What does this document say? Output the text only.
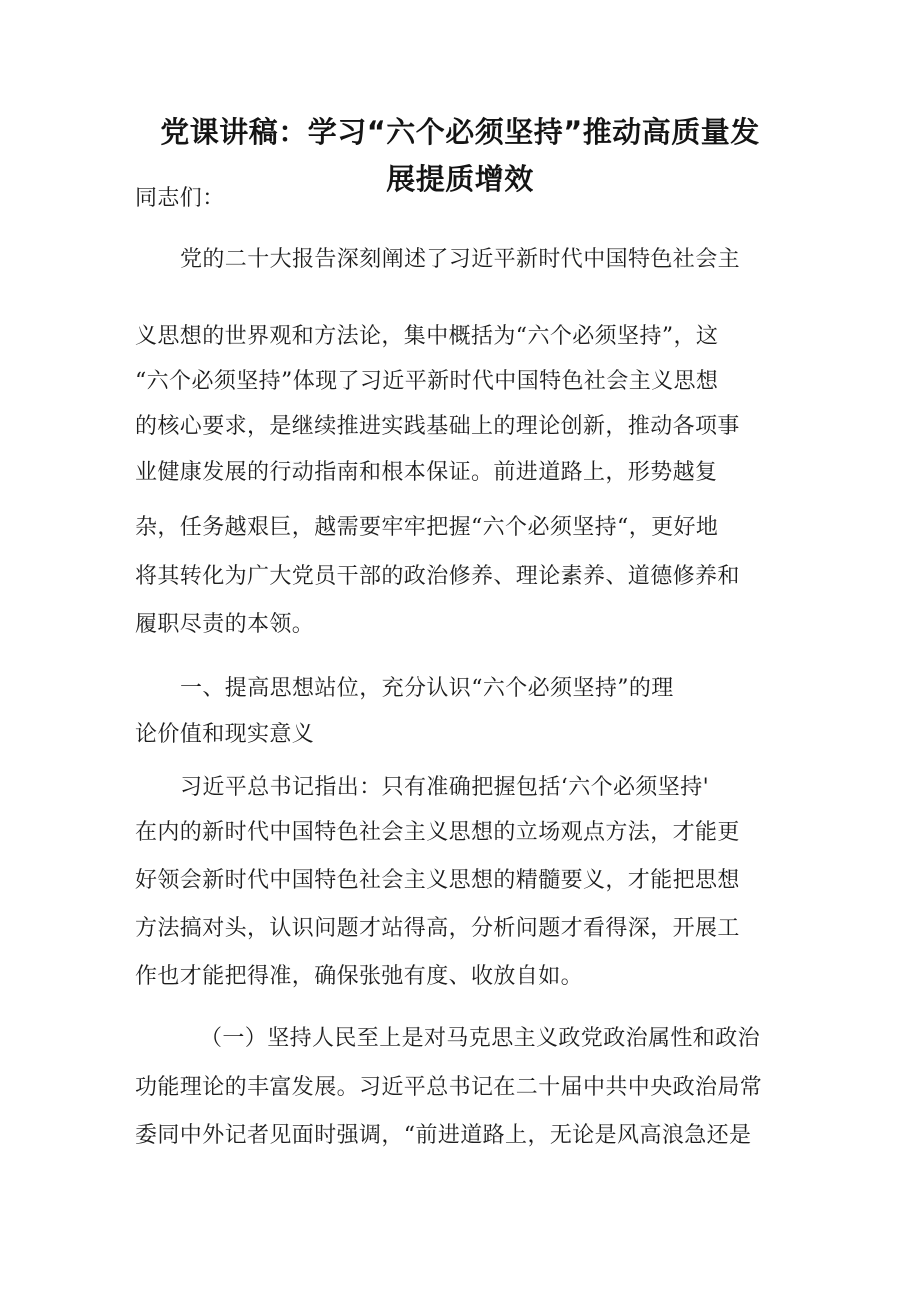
党课讲稿：学习“六个必须坚持”推动高质量发
展提质增效
同志们：
党的二十大报告深刻阐述了习近平新时代中国特色社会主
义思想的世界观和方法论，集中概括为“六个必须坚持”，这
“六个必须坚持”体现了习近平新时代中国特色社会主义思想
的核心要求，是继续推进实践基础上的理论创新，推动各项事
业健康发展的行动指南和根本保证。前进道路上，形势越复
杂，任务越艰巨，越需要牢牢把握“六个必须坚持“，更好地
将其转化为广大党员干部的政治修养、理论素养、道德修养和
履职尽责的本领。
一、提高思想站位，充分认识“六个必须坚持”的理
论价值和现实意义
习近平总书记指出：只有准确把握包括‘六个必须坚持'
在内的新时代中国特色社会主义思想的立场观点方法，才能更
好领会新时代中国特色社会主义思想的精髓要义，才能把思想
方法搞对头，认识问题才站得高，分析问题才看得深，开展工
作也才能把得准，确保张弛有度、收放自如。
（一）坚持人民至上是对马克思主义政党政治属性和政治
功能理论的丰富发展。习近平总书记在二十届中共中央政治局常
委同中外记者见面时强调，“前进道路上，无论是风高浪急还是
